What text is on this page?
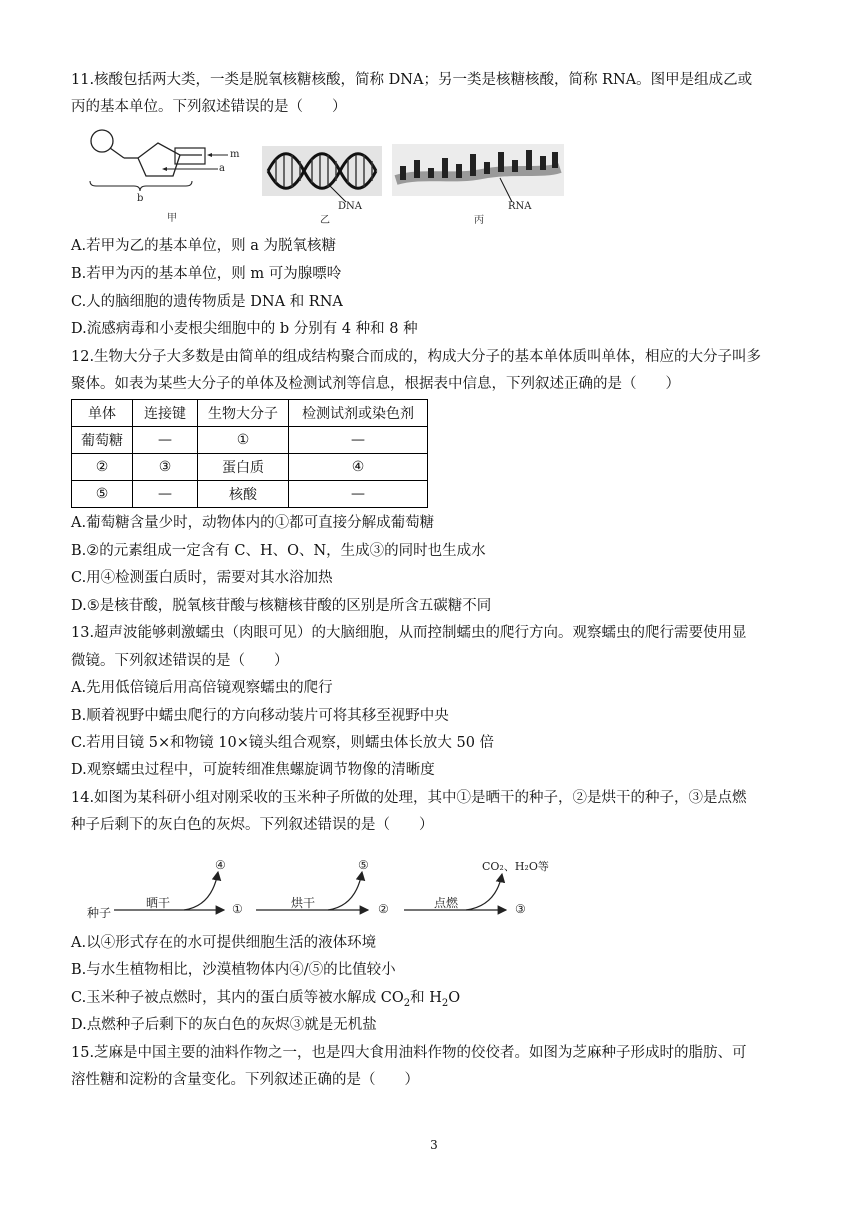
11.核酸包括两大类，一类是脱氧核糖核酸，简称 DNA；另一类是核糖核酸，简称 RNA。图甲是组成乙或
丙的基本单位。下列叙述错误的是（　　）
m
a
b
甲
DNA
乙
RNA
丙
A.若甲为乙的基本单位，则 a 为脱氧核糖
B.若甲为丙的基本单位，则 m 可为腺嘌呤
C.人的脑细胞的遗传物质是 DNA 和 RNA
D.流感病毒和小麦根尖细胞中的 b 分别有 4 种和 8 种
12.生物大分子大多数是由简单的组成结构聚合而成的，构成大分子的基本单体质叫单体，相应的大分子叫多
聚体。如表为某些大分子的单体及检测试剂等信息，根据表中信息，下列叙述正确的是（　　）
单体	连接键	生物大分子	检测试剂或染色剂
葡萄糖	—	①	—
②	③	蛋白质	④
⑤	—	核酸	—
A.葡萄糖含量少时，动物体内的①都可直接分解成葡萄糖
B.②的元素组成一定含有 C、H、O、N，生成③的同时也生成水
C.用④检测蛋白质时，需要对其水浴加热
D.⑤是核苷酸，脱氧核苷酸与核糖核苷酸的区别是所含五碳糖不同
13.超声波能够刺激蠕虫（肉眼可见）的大脑细胞，从而控制蠕虫的爬行方向。观察蠕虫的爬行需要使用显
微镜。下列叙述错误的是（　　）
A.先用低倍镜后用高倍镜观察蠕虫的爬行
B.顺着视野中蠕虫爬行的方向移动装片可将其移至视野中央
C.若用目镜 5×和物镜 10×镜头组合观察，则蠕虫体长放大 50 倍
D.观察蠕虫过程中，可旋转细准焦螺旋调节物像的清晰度
14.如图为某科研小组对刚采收的玉米种子所做的处理，其中①是晒干的种子，②是烘干的种子，③是点燃
种子后剩下的灰白色的灰烬。下列叙述错误的是（　　）
种子
晒干	①
④
烘干	②
⑤
点燃	③
CO₂、H₂O等
A.以④形式存在的水可提供细胞生活的液体环境
B.与水生植物相比，沙漠植物体内④/⑤的比值较小
C.玉米种子被点燃时，其内的蛋白质等被水解成 $CO_2$和 $H_2O$
D.点燃种子后剩下的灰白色的灰烬③就是无机盐
15.芝麻是中国主要的油料作物之一，也是四大食用油料作物的佼佼者。如图为芝麻种子形成时的脂肪、可
溶性糖和淀粉的含量变化。下列叙述正确的是（　　）
3
